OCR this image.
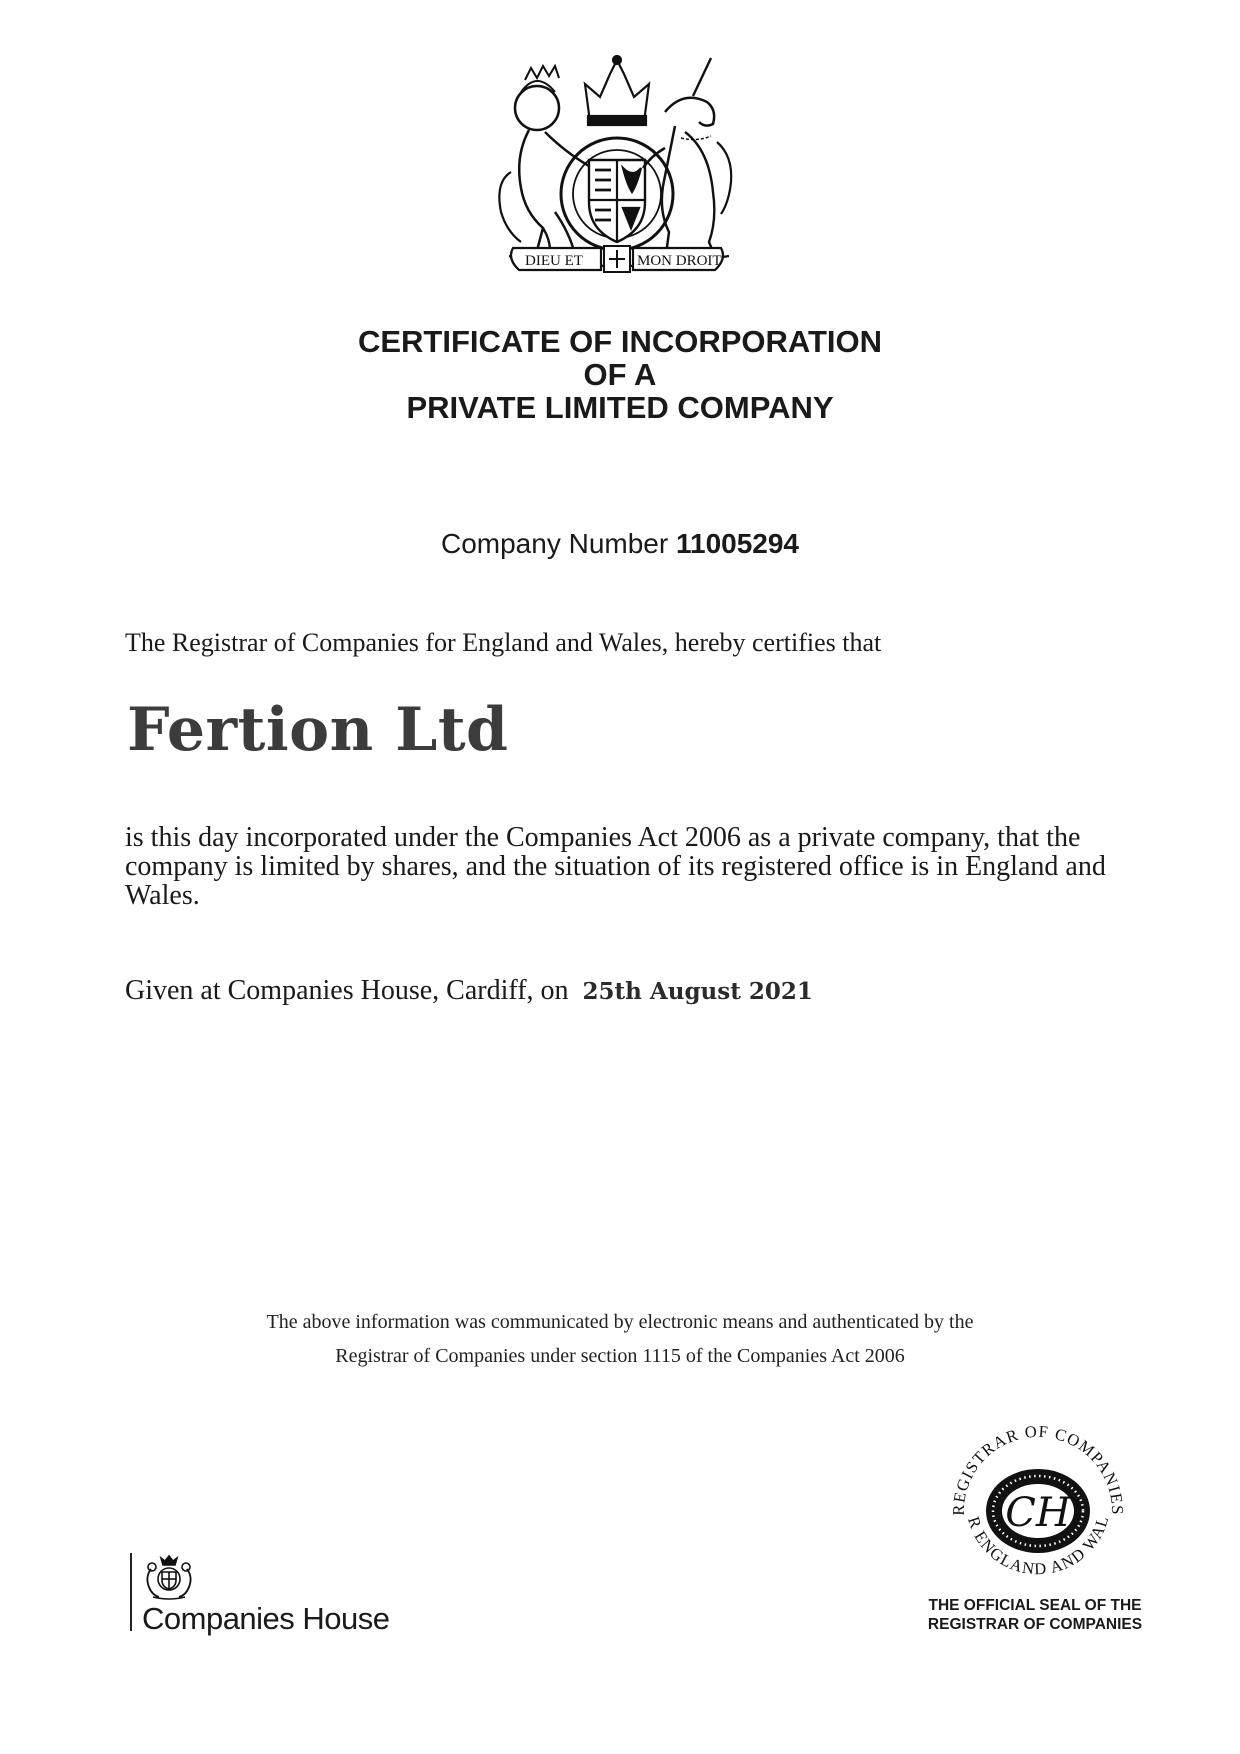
DIEU ET	MON DROIT
CERTIFICATE OF INCORPORATION
OF A
PRIVATE LIMITED COMPANY
Company Number 11005294
The Registrar of Companies for England and Wales, hereby certifies that
Fertion Ltd
is this day incorporated under the Companies Act 2006 as a private company, that the company is limited by shares, and the situation of its registered office is in England and Wales.
Given at Companies House, Cardiff, on 25th August 2021
The above information was communicated by electronic means and authenticated by the
Registrar of Companies under section 1115 of the Companies Act 2006
Companies House
REGISTRAR OF COMPANIES
R ENGLAND AND WAL
CH
THE OFFICIAL SEAL OF THE
REGISTRAR OF COMPANIES
